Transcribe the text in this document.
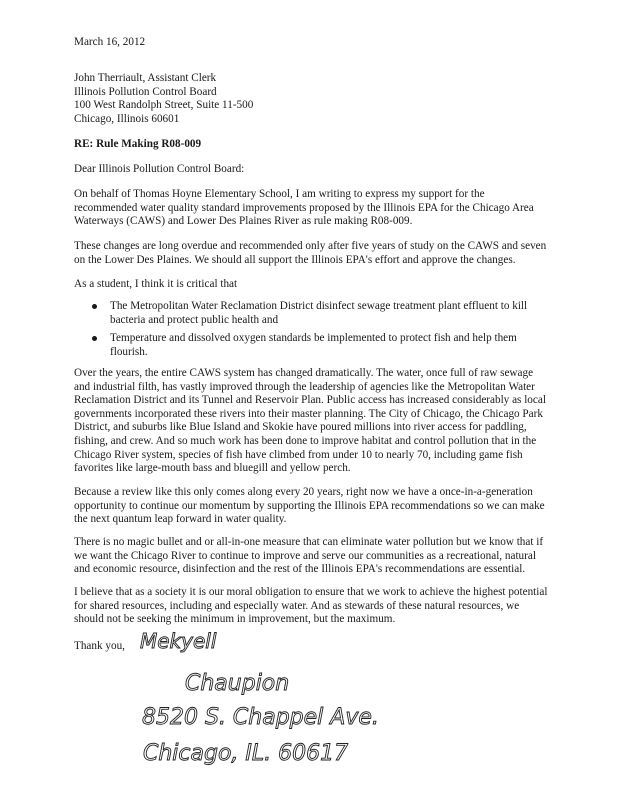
March 16, 2012

John Therriault, Assistant Clerk
Illinois Pollution Control Board
100 West Randolph Street, Suite 11-500
Chicago, Illinois 60601

RE: Rule Making R08-009

Dear Illinois Pollution Control Board:

On behalf of Thomas Hoyne Elementary School, I am writing to express my support for the
recommended water quality standard improvements proposed by the Illinois EPA for the Chicago Area
Waterways (CAWS) and Lower Des Plaines River as rule making R08-009.

These changes are long overdue and recommended only after five years of study on the CAWS and seven
on the Lower Des Plaines. We should all support the Illinois EPA's effort and approve the changes.

As a student, I think it is critical that

The Metropolitan Water Reclamation District disinfect sewage treatment plant effluent to kill
bacteria and protect public health and
Temperature and dissolved oxygen standards be implemented to protect fish and help them
flourish.

Over the years, the entire CAWS system has changed dramatically. The water, once full of raw sewage
and industrial filth, has vastly improved through the leadership of agencies like the Metropolitan Water
Reclamation District and its Tunnel and Reservoir Plan. Public access has increased considerably as local
governments incorporated these rivers into their master planning. The City of Chicago, the Chicago Park
District, and suburbs like Blue Island and Skokie have poured millions into river access for paddling,
fishing, and crew. And so much work has been done to improve habitat and control pollution that in the
Chicago River system, species of fish have climbed from under 10 to nearly 70, including game fish
favorites like large-mouth bass and bluegill and yellow perch.

Because a review like this only comes along every 20 years, right now we have a once-in-a-generation
opportunity to continue our momentum by supporting the Illinois EPA recommendations so we can make
the next quantum leap forward in water quality.

There is no magic bullet and or all-in-one measure that can eliminate water pollution but we know that if
we want the Chicago River to continue to improve and serve our communities as a recreational, natural
and economic resource, disinfection and the rest of the Illinois EPA's recommendations are essential.

I believe that as a society it is our moral obligation to ensure that we work to achieve the highest potential
for shared resources, including and especially water. And as stewards of these natural resources, we
should not be seeking the minimum in improvement, but the maximum.

Thank you, Mekyell
Chaupion
8520 S. Chappel Ave.
Chicago, IL. 60617
